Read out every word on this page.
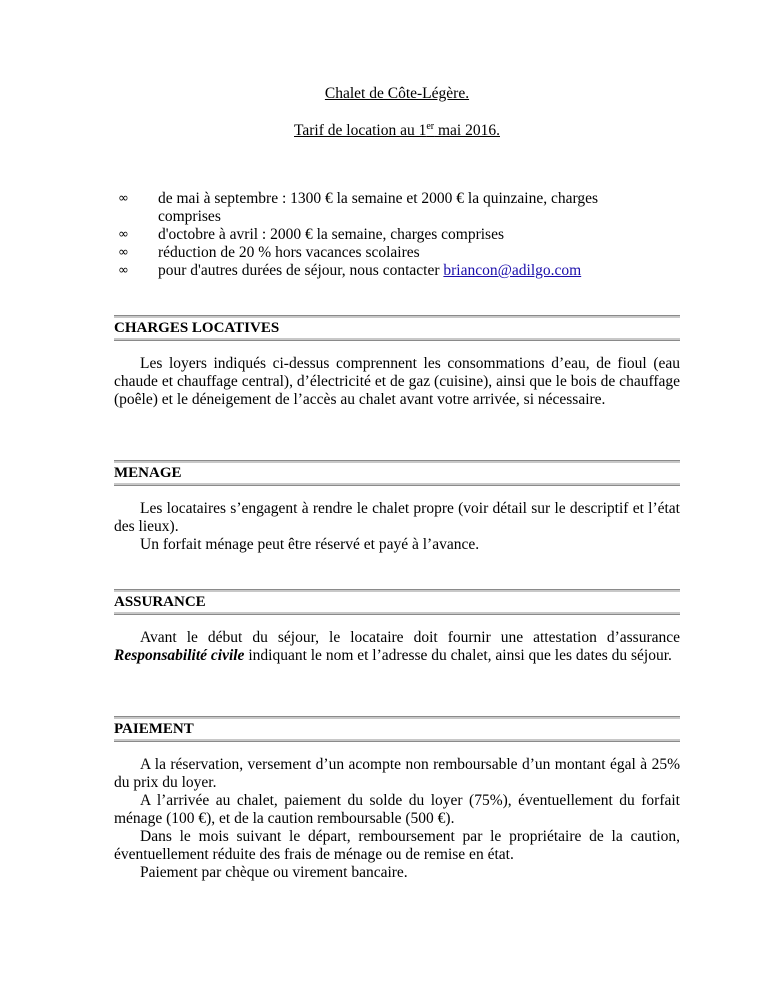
Chalet de Côte-Légère.
Tarif de location au 1er mai 2016.
∞ de mai à septembre : 1300 € la semaine et 2000 € la quinzaine, charges comprises
∞ d'octobre à avril : 2000 € la semaine, charges comprises
∞ réduction de 20 % hors vacances scolaires
∞ pour d'autres durées de séjour, nous contacter briancon@adilgo.com
CHARGES LOCATIVES

Les loyers indiqués ci-dessus comprennent les consommations d’eau, de fioul (eau chaude et chauffage central), d’électricité et de gaz (cuisine), ainsi que le bois de chauffage (poêle) et le déneigement de l’accès au chalet avant votre arrivée, si nécessaire.

MENAGE

Les locataires s’engagent à rendre le chalet propre (voir détail sur le descriptif et l’état des lieux).

Un forfait ménage peut être réservé et payé à l’avance.

ASSURANCE

Avant le début du séjour, le locataire doit fournir une attestation d’assurance Responsabilité civile indiquant le nom et l’adresse du chalet, ainsi que les dates du séjour.

PAIEMENT

A la réservation, versement d’un acompte non remboursable d’un montant égal à 25% du prix du loyer.

A l’arrivée au chalet, paiement du solde du loyer (75%), éventuellement du forfait ménage (100 €), et de la caution remboursable (500 €).

Dans le mois suivant le départ, remboursement par le propriétaire de la caution, éventuellement réduite des frais de ménage ou de remise en état.

Paiement par chèque ou virement bancaire.
